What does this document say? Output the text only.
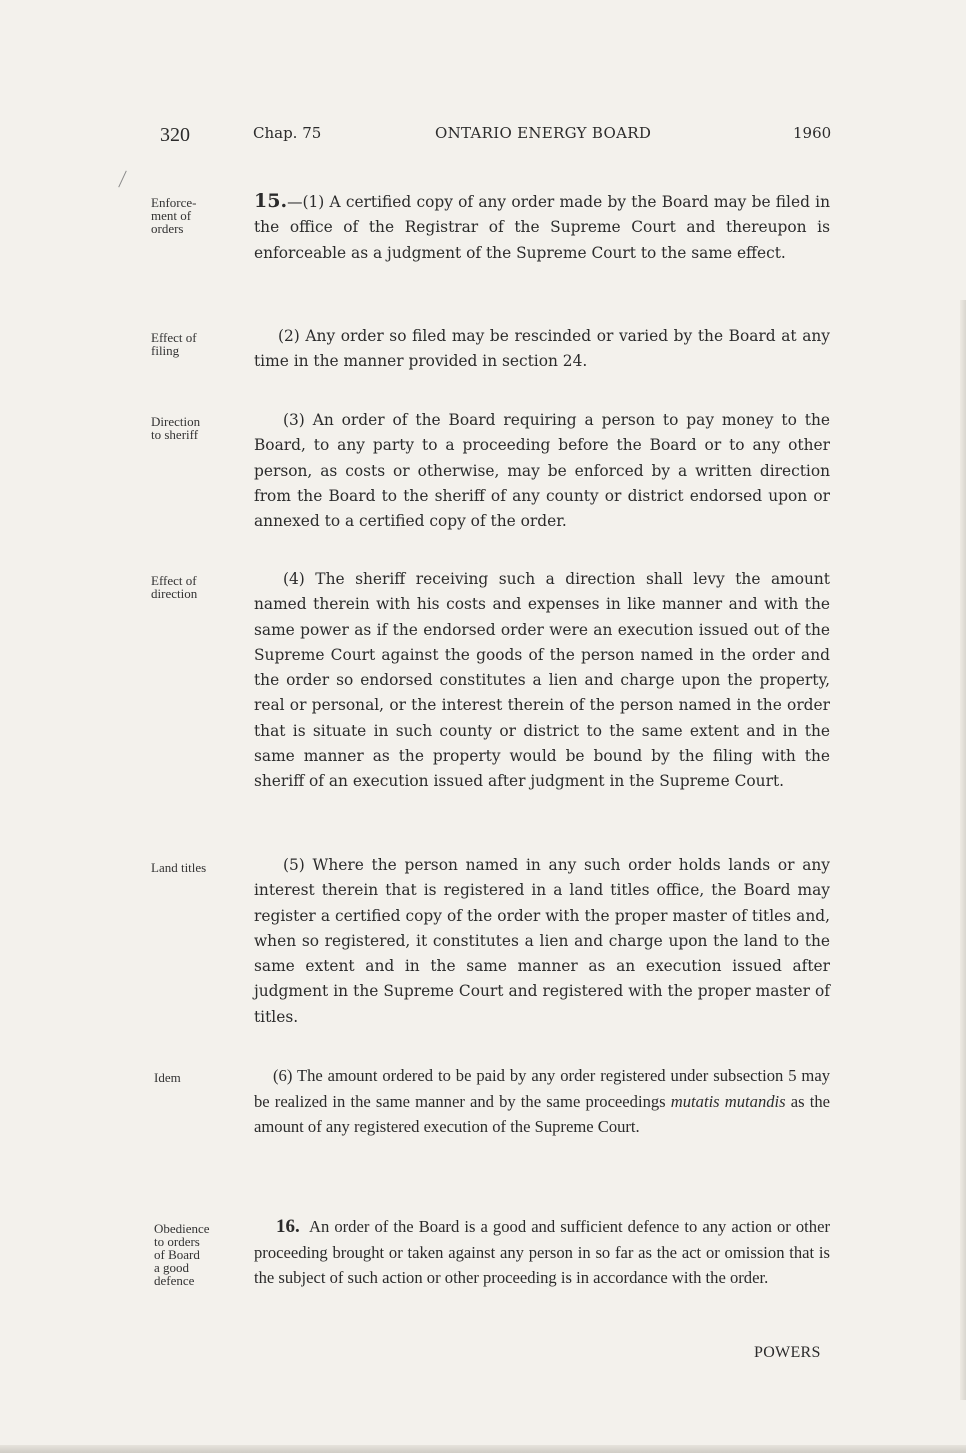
320	Chap. 75	ONTARIO ENERGY BOARD	1960
Enforce-
ment of
orders

15.—(1) A certified copy of any order made by the Board may be filed in the office of the Registrar of the Supreme Court and thereupon is enforceable as a judgment of the Supreme Court to the same effect.

Effect of
filing

(2) Any order so filed may be rescinded or varied by the Board at any time in the manner provided in section 24.

Direction
to sheriff

(3) An order of the Board requiring a person to pay money to the Board, to any party to a proceeding before the Board or to any other person, as costs or otherwise, may be enforced by a written direction from the Board to the sheriff of any county or district endorsed upon or annexed to a certified copy of the order.

Effect of
direction

(4) The sheriff receiving such a direction shall levy the amount named therein with his costs and expenses in like manner and with the same power as if the endorsed order were an execution issued out of the Supreme Court against the goods of the person named in the order and the order so endorsed constitutes a lien and charge upon the property, real or personal, or the interest therein of the person named in the order that is situate in such county or district to the same extent and in the same manner as the property would be bound by the filing with the sheriff of an execution issued after judgment in the Supreme Court.

Land titles	(5) Where the person named in any such order holds lands or any interest therein that is registered in a land titles office, the Board may register a certified copy of the order with the proper master of titles and, when so registered, it constitutes a lien and charge upon the land to the same extent and in the same manner as an execution issued after judgment in the Supreme Court and registered with the proper master of titles.

Idem	(6) The amount ordered to be paid by any order registered under subsection 5 may be realized in the same manner and by the same proceedings mutatis mutandis as the amount of any registered execution of the Supreme Court.

Obedience
to orders
of Board
a good
defence

16. An order of the Board is a good and sufficient defence to any action or other proceeding brought or taken against any person in so far as the act or omission that is the subject of such action or other proceeding is in accordance with the order.

POWERS
